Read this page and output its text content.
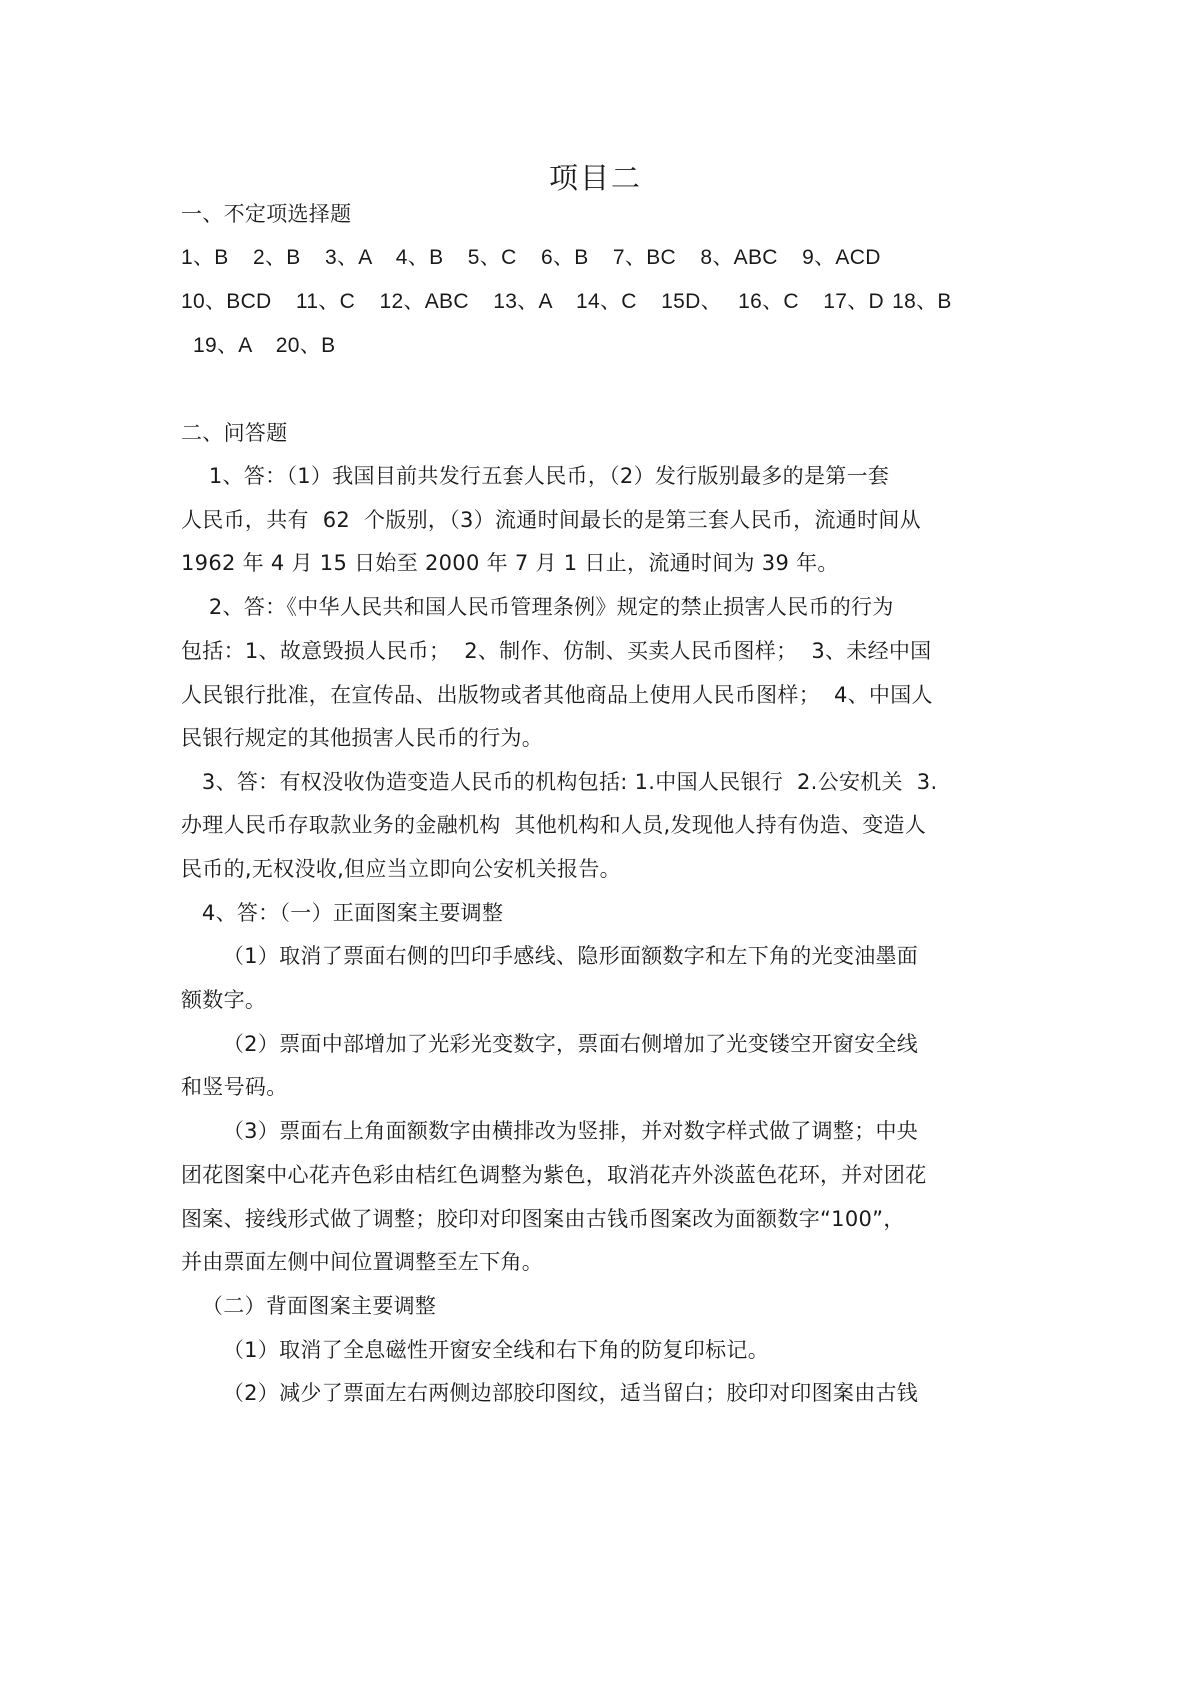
项目二
一、不定项选择题
1、B   2、B   3、A   4、B   5、C   6、B   7、BC   8、ABC   9、ACD
10、BCD   11、C   12、ABC   13、A   14、C   15D、  16、C   17、D 18、B
19、A   20、B
二、问答题
1、答：（1）我国目前共发行五套人民币，（2）发行版别最多的是第一套
人民币，共有  62  个版别，（3）流通时间最长的是第三套人民币，流通时间从
1962 年 4 月 15 日始至 2000 年 7 月 1 日止，流通时间为 39 年。
2、答：《中华人民共和国人民币管理条例》规定的禁止损害人民币的行为
包括：1、故意毁损人民币；  2、制作、仿制、买卖人民币图样；  3、未经中国
人民银行批准，在宣传品、出版物或者其他商品上使用人民币图样；  4、中国人
民银行规定的其他损害人民币的行为。
3、答：有权没收伪造变造人民币的机构包括: 1.中国人民银行  2.公安机关  3.
办理人民币存取款业务的金融机构  其他机构和人员,发现他人持有伪造、变造人
民币的,无权没收,但应当立即向公安机关报告。
4、答：（一）正面图案主要调整
（1）取消了票面右侧的凹印手感线、隐形面额数字和左下角的光变油墨面
额数字。
（2）票面中部增加了光彩光变数字，票面右侧增加了光变镂空开窗安全线
和竖号码。
（3）票面右上角面额数字由横排改为竖排，并对数字样式做了调整；中央
团花图案中心花卉色彩由桔红色调整为紫色，取消花卉外淡蓝色花环，并对团花
图案、接线形式做了调整；胶印对印图案由古钱币图案改为面额数字“100”，
并由票面左侧中间位置调整至左下角。
（二）背面图案主要调整
（1）取消了全息磁性开窗安全线和右下角的防复印标记。
（2）减少了票面左右两侧边部胶印图纹，适当留白；胶印对印图案由古钱
